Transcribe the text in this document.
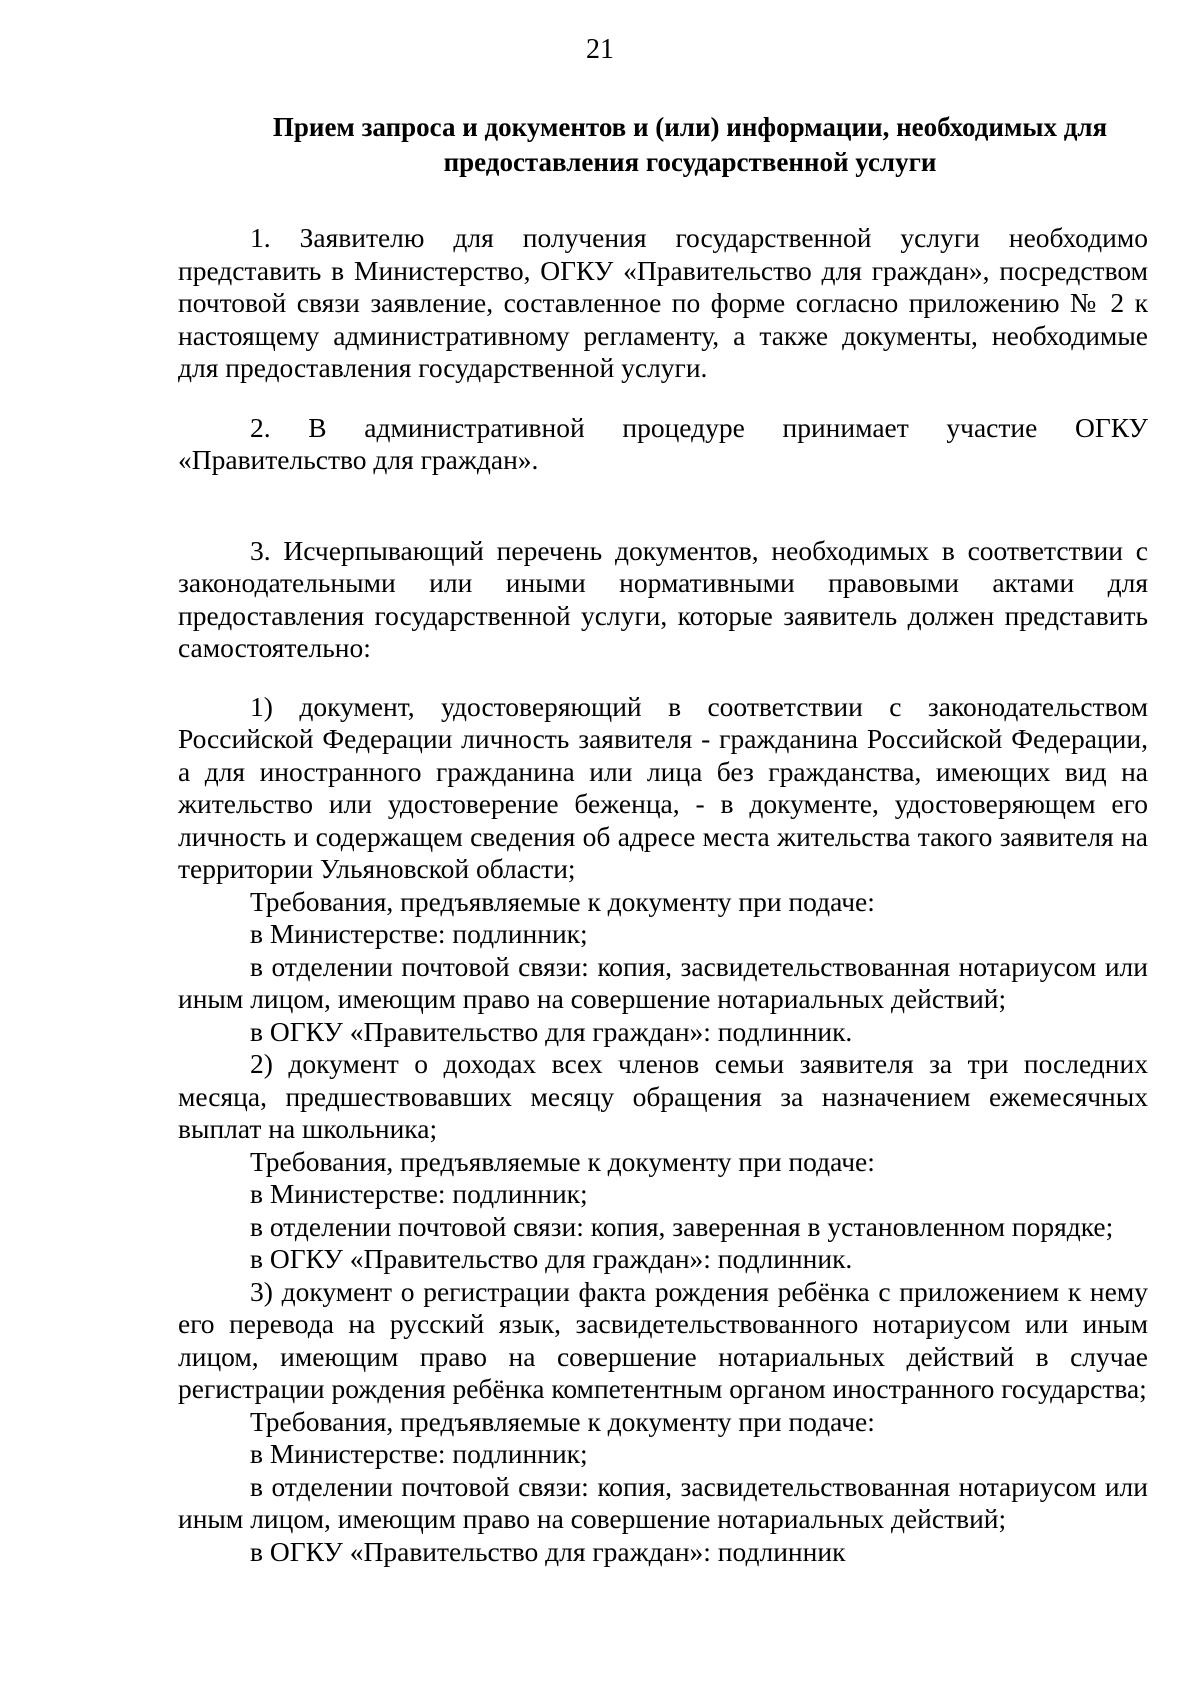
21
Прием запроса и документов и (или) информации, необходимых для предоставления государственной услуги

1. Заявителю для получения государственной услуги необходимо представить в Министерство, ОГКУ «Правительство для граждан», посредством почтовой связи заявление, составленное по форме согласно приложению № 2 к настоящему административному регламенту, а также документы, необходимые для предоставления государственной услуги.

2. В административной процедуре принимает участие ОГКУ «Правительство для граждан».

3. Исчерпывающий перечень документов, необходимых в соответствии с законодательными или иными нормативными правовыми актами для предоставления государственной услуги, которые заявитель должен представить самостоятельно:

1) документ, удостоверяющий в соответствии с законодательством Российской Федерации личность заявителя - гражданина Российской Федерации, а для иностранного гражданина или лица без гражданства, имеющих вид на жительство или удостоверение беженца, - в документе, удостоверяющем его личность и содержащем сведения об адресе места жительства такого заявителя на территории Ульяновской области;

Требования, предъявляемые к документу при подаче:

в Министерстве: подлинник;

в отделении почтовой связи: копия, засвидетельствованная нотариусом или иным лицом, имеющим право на совершение нотариальных действий;

в ОГКУ «Правительство для граждан»: подлинник.

2) документ о доходах всех членов семьи заявителя за три последних месяца, предшествовавших месяцу обращения за назначением ежемесячных выплат на школьника;

Требования, предъявляемые к документу при подаче:

в Министерстве: подлинник;

в отделении почтовой связи: копия, заверенная в установленном порядке;

в ОГКУ «Правительство для граждан»: подлинник.

3) документ о регистрации факта рождения ребёнка с приложением к нему его перевода на русский язык, засвидетельствованного нотариусом или иным лицом, имеющим право на совершение нотариальных действий в случае регистрации рождения ребёнка компетентным органом иностранного государства;

Требования, предъявляемые к документу при подаче:

в Министерстве: подлинник;

в отделении почтовой связи: копия, засвидетельствованная нотариусом или иным лицом, имеющим право на совершение нотариальных действий;

в ОГКУ «Правительство для граждан»: подлинник
